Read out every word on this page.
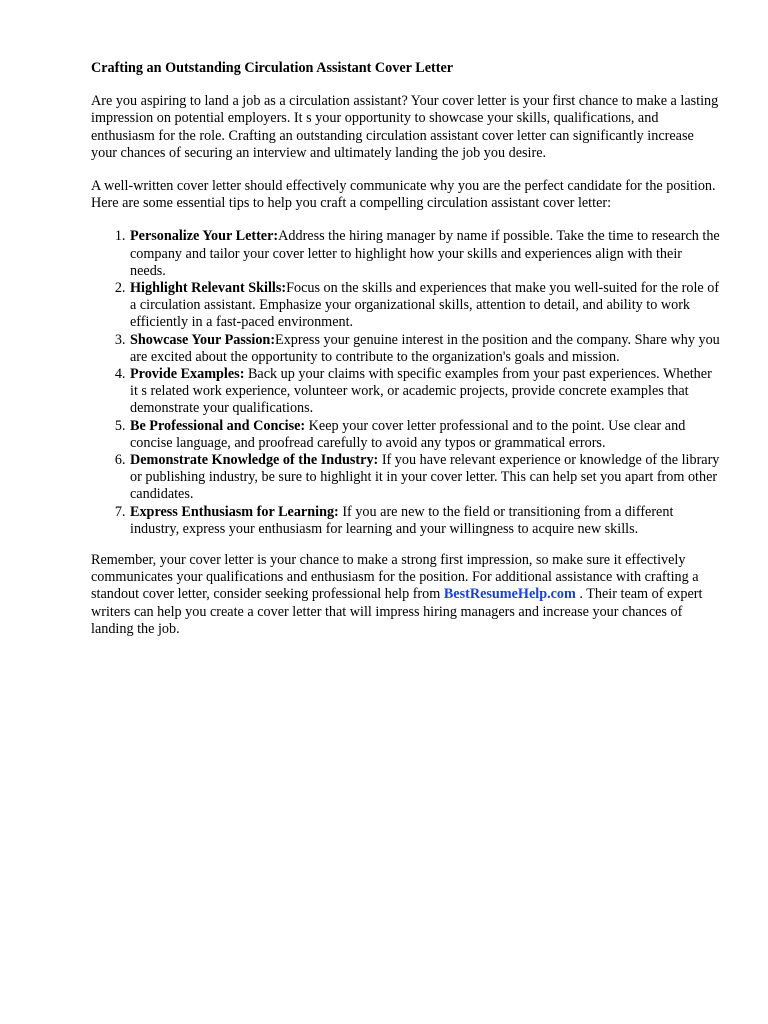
Crafting an Outstanding Circulation Assistant Cover Letter

Are you aspiring to land a job as a circulation assistant? Your cover letter is your first chance to make a lasting impression on potential employers. It s your opportunity to showcase your skills, qualifications, and enthusiasm for the role. Crafting an outstanding circulation assistant cover letter can significantly increase your chances of securing an interview and ultimately landing the job you desire.

A well-written cover letter should effectively communicate why you are the perfect candidate for the position. Here are some essential tips to help you craft a compelling circulation assistant cover letter:

1. Personalize Your Letter:Address the hiring manager by name if possible. Take the time to research the company and tailor your cover letter to highlight how your skills and experiences align with their needs.
2. Highlight Relevant Skills:Focus on the skills and experiences that make you well-suited for the role of a circulation assistant. Emphasize your organizational skills, attention to detail, and ability to work efficiently in a fast-paced environment.
3. Showcase Your Passion:Express your genuine interest in the position and the company. Share why you are excited about the opportunity to contribute to the organization's goals and mission.
4. Provide Examples: Back up your claims with specific examples from your past experiences. Whether it s related work experience, volunteer work, or academic projects, provide concrete examples that demonstrate your qualifications.
5. Be Professional and Concise: Keep your cover letter professional and to the point. Use clear and concise language, and proofread carefully to avoid any typos or grammatical errors.
6. Demonstrate Knowledge of the Industry: If you have relevant experience or knowledge of the library or publishing industry, be sure to highlight it in your cover letter. This can help set you apart from other candidates.
7. Express Enthusiasm for Learning: If you are new to the field or transitioning from a different industry, express your enthusiasm for learning and your willingness to acquire new skills.

Remember, your cover letter is your chance to make a strong first impression, so make sure it effectively communicates your qualifications and enthusiasm for the position. For additional assistance with crafting a standout cover letter, consider seeking professional help from BestResumeHelp.com . Their team of expert writers can help you create a cover letter that will impress hiring managers and increase your chances of landing the job.
